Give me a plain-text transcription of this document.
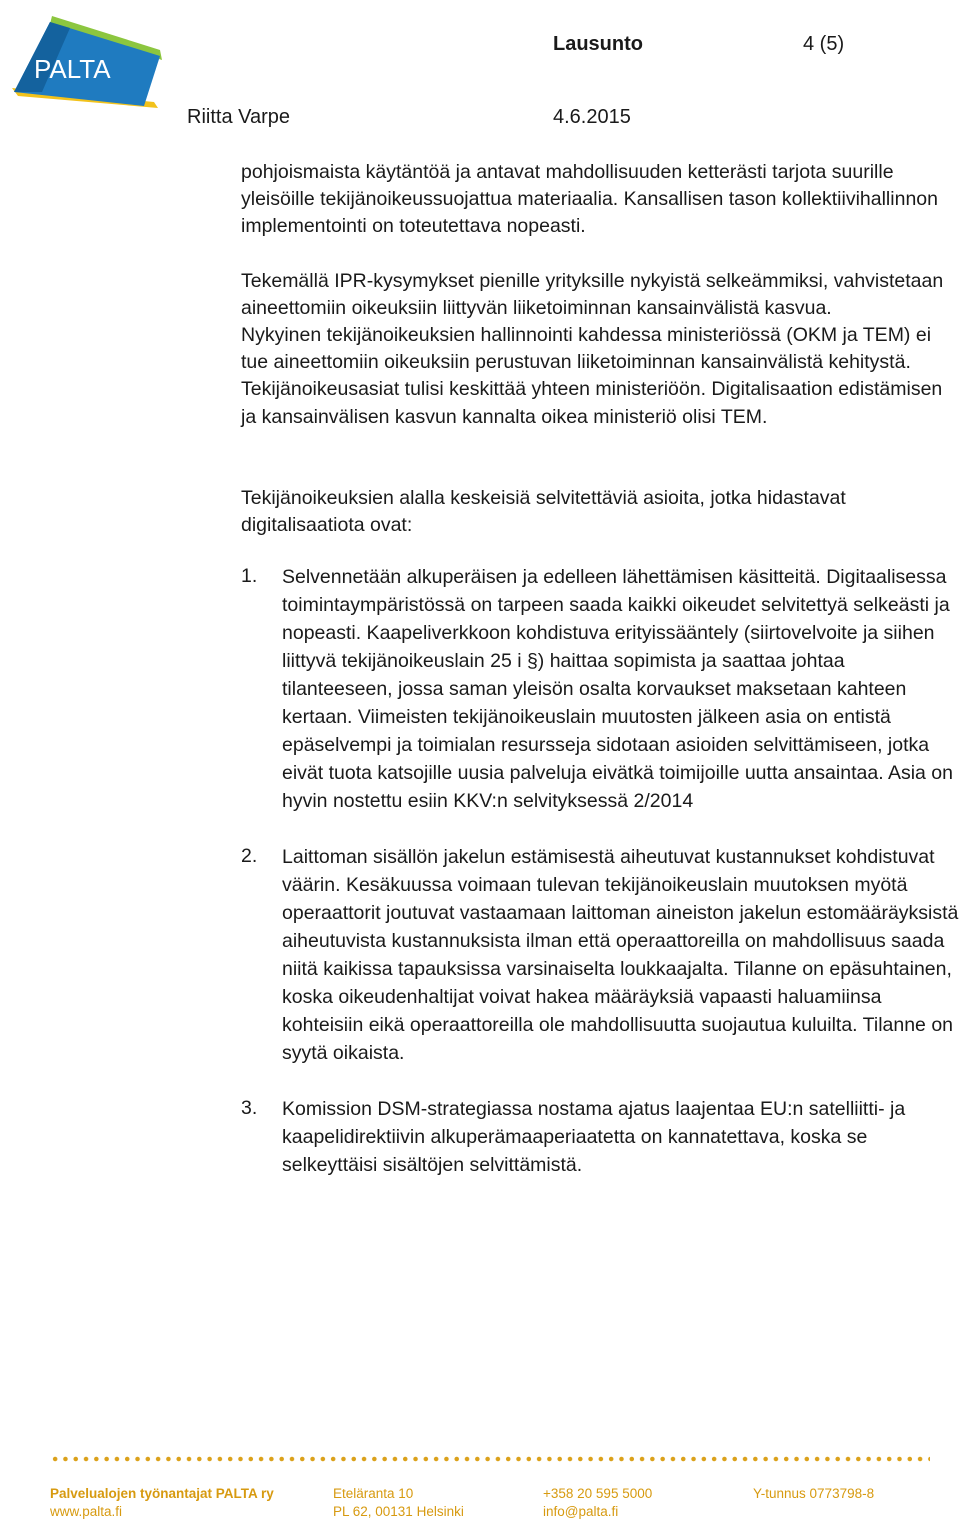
PALTA
Lausunto	4 (5)
Riitta Varpe	4.6.2015

pohjoismaista käytäntöä ja antavat mahdollisuuden ketterästi tarjota suurille yleisöille tekijänoikeussuojattua materiaalia. Kansallisen tason kollektiivihallinnon implementointi on toteutettava nopeasti.

Tekemällä IPR-kysymykset pienille yrityksille nykyistä selkeämmiksi, vahvistetaan aineettomiin oikeuksiin liittyvän liiketoiminnan kansainvälistä kasvua.

Nykyinen tekijänoikeuksien hallinnointi kahdessa ministeriössä (OKM ja TEM) ei tue aineettomiin oikeuksiin perustuvan liiketoiminnan kansainvälistä kehitystä. Tekijänoikeusasiat tulisi keskittää yhteen ministeriöön. Digitalisaation edistämisen ja kansainvälisen kasvun kannalta oikea ministeriö olisi TEM.

Tekijänoikeuksien alalla keskeisiä selvitettäviä asioita, jotka hidastavat digitalisaatiota ovat:

1. Selvennetään alkuperäisen ja edelleen lähettämisen käsitteitä. Digitaalisessa toimintaympäristössä on tarpeen saada kaikki oikeudet selvitettyä selkeästi ja nopeasti. Kaapeliverkkoon kohdistuva erityissääntely (siirtovelvoite ja siihen liittyvä tekijänoikeuslain 25 i §) haittaa sopimista ja saattaa johtaa tilanteeseen, jossa saman yleisön osalta korvaukset maksetaan kahteen kertaan. Viimeisten tekijänoikeuslain muutosten jälkeen asia on entistä epäselvempi ja toimialan resursseja sidotaan asioiden selvittämiseen, jotka eivät tuota katsojille uusia palveluja eivätkä toimijoille uutta ansaintaa. Asia on hyvin nostettu esiin KKV:n selvityksessä 2/2014

2. Laittoman sisällön jakelun estämisestä aiheutuvat kustannukset kohdistuvat väärin. Kesäkuussa voimaan tulevan tekijänoikeuslain muutoksen myötä operaattorit joutuvat vastaamaan laittoman aineiston jakelun estomääräyksistä aiheutuvista kustannuksista ilman että operaattoreilla on mahdollisuus saada niitä kaikissa tapauksissa varsinaiselta loukkaajalta. Tilanne on epäsuhtainen, koska oikeudenhaltijat voivat hakea määräyksiä vapaasti haluamiinsa kohteisiin eikä operaattoreilla ole mahdollisuutta suojautua kuluilta. Tilanne on syytä oikaista.

3. Komission DSM-strategiassa nostama ajatus laajentaa EU:n satelliitti- ja kaapelidirektiivin alkuperämaaperiaatetta on kannatettava, koska se selkeyttäisi sisältöjen selvittämistä.

Palvelualojen työnantajat PALTA ry
www.palta.fi
Eteläranta 10
PL 62, 00131 Helsinki
+358 20 595 5000
info@palta.fi
Y-tunnus 0773798-8
